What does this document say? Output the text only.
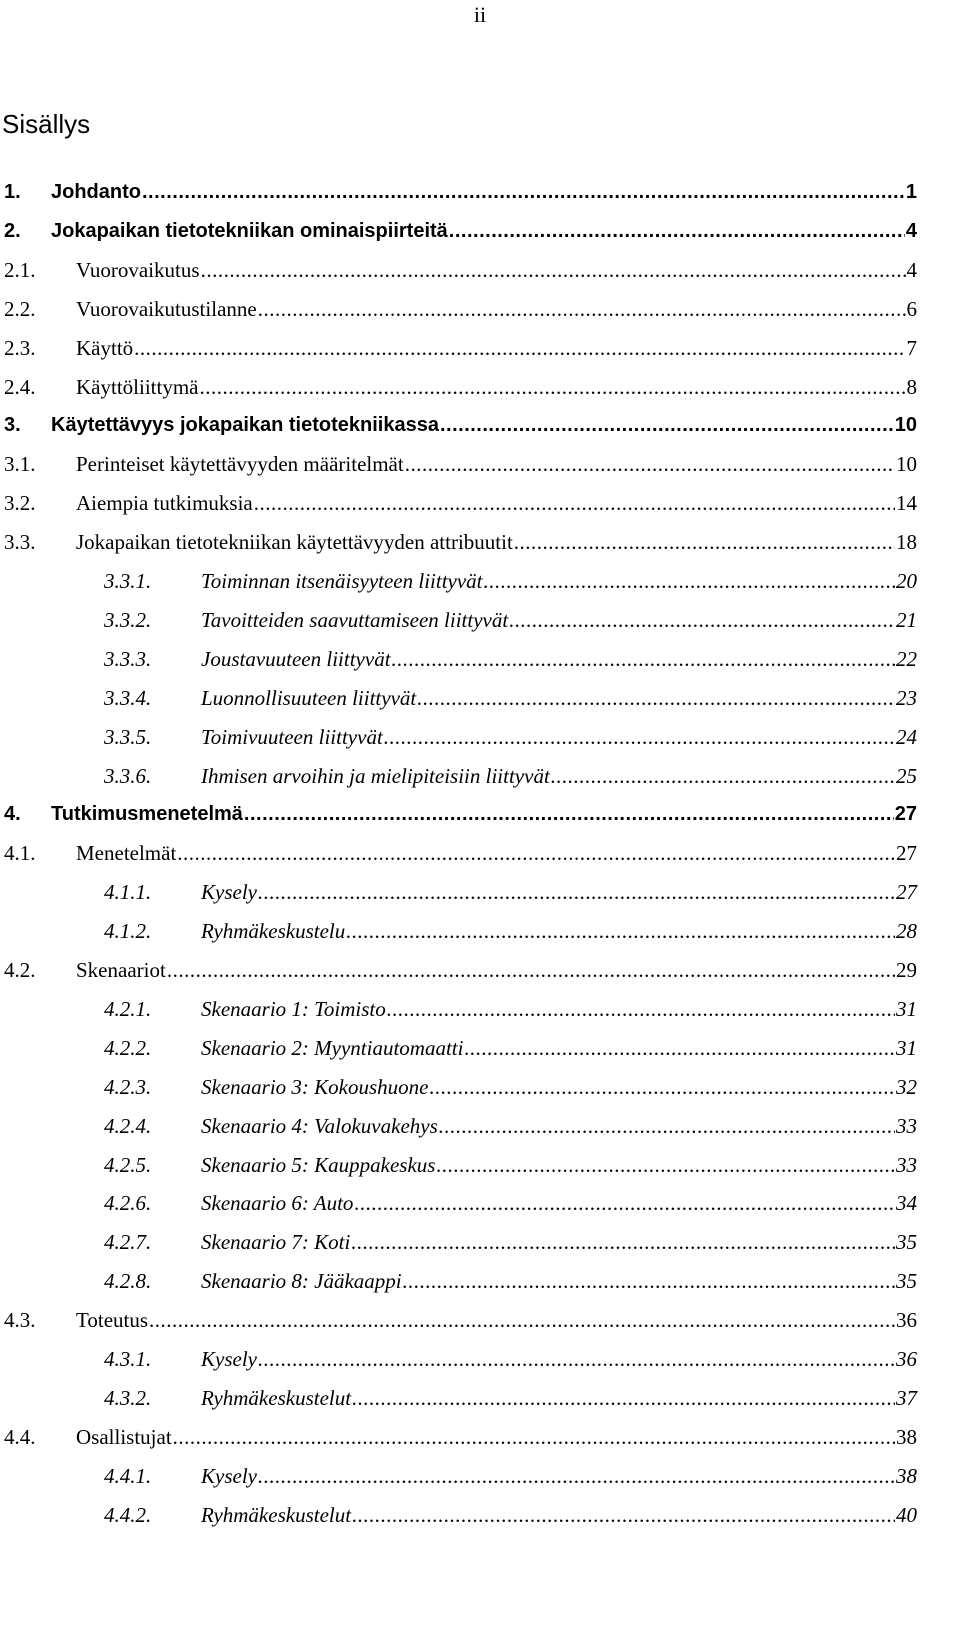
ii
Sisällys
1.	Johdanto .....	1
2.	Jokapaikan tietotekniikan ominaispiirteitä .....	4
2.1.	Vuorovaikutus .....	4
2.2.	Vuorovaikutustilanne .....	6
2.3.	Käyttö .....	7
2.4.	Käyttöliittymä .....	8
3.	Käytettävyys jokapaikan tietotekniikassa .....	10
3.1.	Perinteiset käytettävyyden määritelmät .....	10
3.2.	Aiempia tutkimuksia .....	14
3.3.	Jokapaikan tietotekniikan käytettävyyden attribuutit .....	18
3.3.1.	Toiminnan itsenäisyyteen liittyvät .....	20
3.3.2.	Tavoitteiden saavuttamiseen liittyvät .....	21
3.3.3.	Joustavuuteen liittyvät .....	22
3.3.4.	Luonnollisuuteen liittyvät .....	23
3.3.5.	Toimivuuteen liittyvät .....	24
3.3.6.	Ihmisen arvoihin ja mielipiteisiin liittyvät .....	25
4.	Tutkimusmenetelmä .....	27
4.1.	Menetelmät .....	27
4.1.1.	Kysely .....	27
4.1.2.	Ryhmäkeskustelu .....	28
4.2.	Skenaariot .....	29
4.2.1.	Skenaario 1: Toimisto .....	31
4.2.2.	Skenaario 2: Myyntiautomaatti .....	31
4.2.3.	Skenaario 3: Kokoushuone .....	32
4.2.4.	Skenaario 4: Valokuvakehys .....	33
4.2.5.	Skenaario 5: Kauppakeskus .....	33
4.2.6.	Skenaario 6: Auto .....	34
4.2.7.	Skenaario 7: Koti .....	35
4.2.8.	Skenaario 8: Jääkaappi .....	35
4.3.	Toteutus .....	36
4.3.1.	Kysely .....	36
4.3.2.	Ryhmäkeskustelut .....	37
4.4.	Osallistujat .....	38
4.4.1.	Kysely .....	38
4.4.2.	Ryhmäkeskustelut .....	40
